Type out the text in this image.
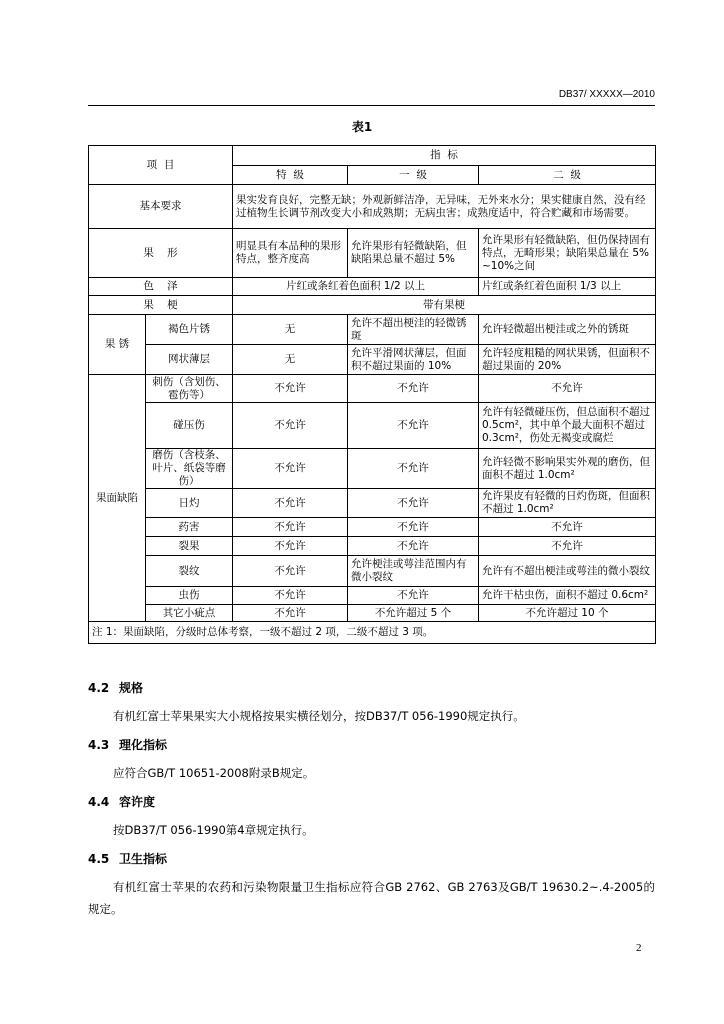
DB37/ XXXXX—2010
表1
项  目		指  标		
		特  级	一  级	二  级
基本要求		果实发育良好，完整无缺；外观新鲜洁净，无异味，无外来水分；果实健康自然，没有经过植物生长调节剂改变大小和成熟期；无病虫害；成熟度适中，符合贮藏和市场需要。		
果    形		明显具有本品种的果形特点，整齐度高	允许果形有轻微缺陷，但缺陷果总量不超过 5%	允许果形有轻微缺陷，但仍保持固有特点，无畸形果；缺陷果总量在 5%~10%之间
色    泽		片红或条红着色面积 1/2 以上		片红或条红着色面积 1/3 以上
果    梗		带有果梗		
果 锈	褐色片锈	无	允许不超出梗洼的轻微锈斑	允许轻微超出梗洼或之外的锈斑
	网状薄层	无	允许平滑网状薄层，但面积不超过果面的 10%	允许轻度粗糙的网状果锈，但面积不超过果面的 20%
果面缺陷	刺伤（含划伤、雹伤等）	不允许	不允许	不允许
	碰压伤	不允许	不允许	允许有轻微碰压伤，但总面积不超过 0.5cm²，其中单个最大面积不超过 0.3cm²，伤处无褐变或腐烂
	磨伤（含枝条、叶片、纸袋等磨伤）	不允许	不允许	允许轻微不影响果实外观的磨伤，但面积不超过 1.0cm²
	日灼	不允许	不允许	允许果皮有轻微的日灼伤斑，但面积不超过 1.0cm²
	药害	不允许	不允许	不允许
	裂果	不允许	不允许	不允许
	裂纹	不允许	允许梗洼或萼洼范围内有微小裂纹	允许有不超出梗洼或萼洼的微小裂纹
	虫伤	不允许	不允许	允许干枯虫伤，面积不超过 0.6cm²
	其它小疵点	不允许	不允许超过 5 个	不允许超过 10 个
注 1：果面缺陷，分级时总体考察，一级不超过 2 项，二级不超过 3 项。				
4.2 规格

有机红富士苹果果实大小规格按果实横径划分，按DB37/T 056-1990规定执行。

4.3 理化指标

应符合GB/T 10651-2008附录B规定。

4.4 容许度

按DB37/T 056-1990第4章规定执行。

4.5 卫生指标

有机红富士苹果的农药和污染物限量卫生指标应符合GB 2762、GB 2763及GB/T 19630.2~.4-2005的规定。

2
